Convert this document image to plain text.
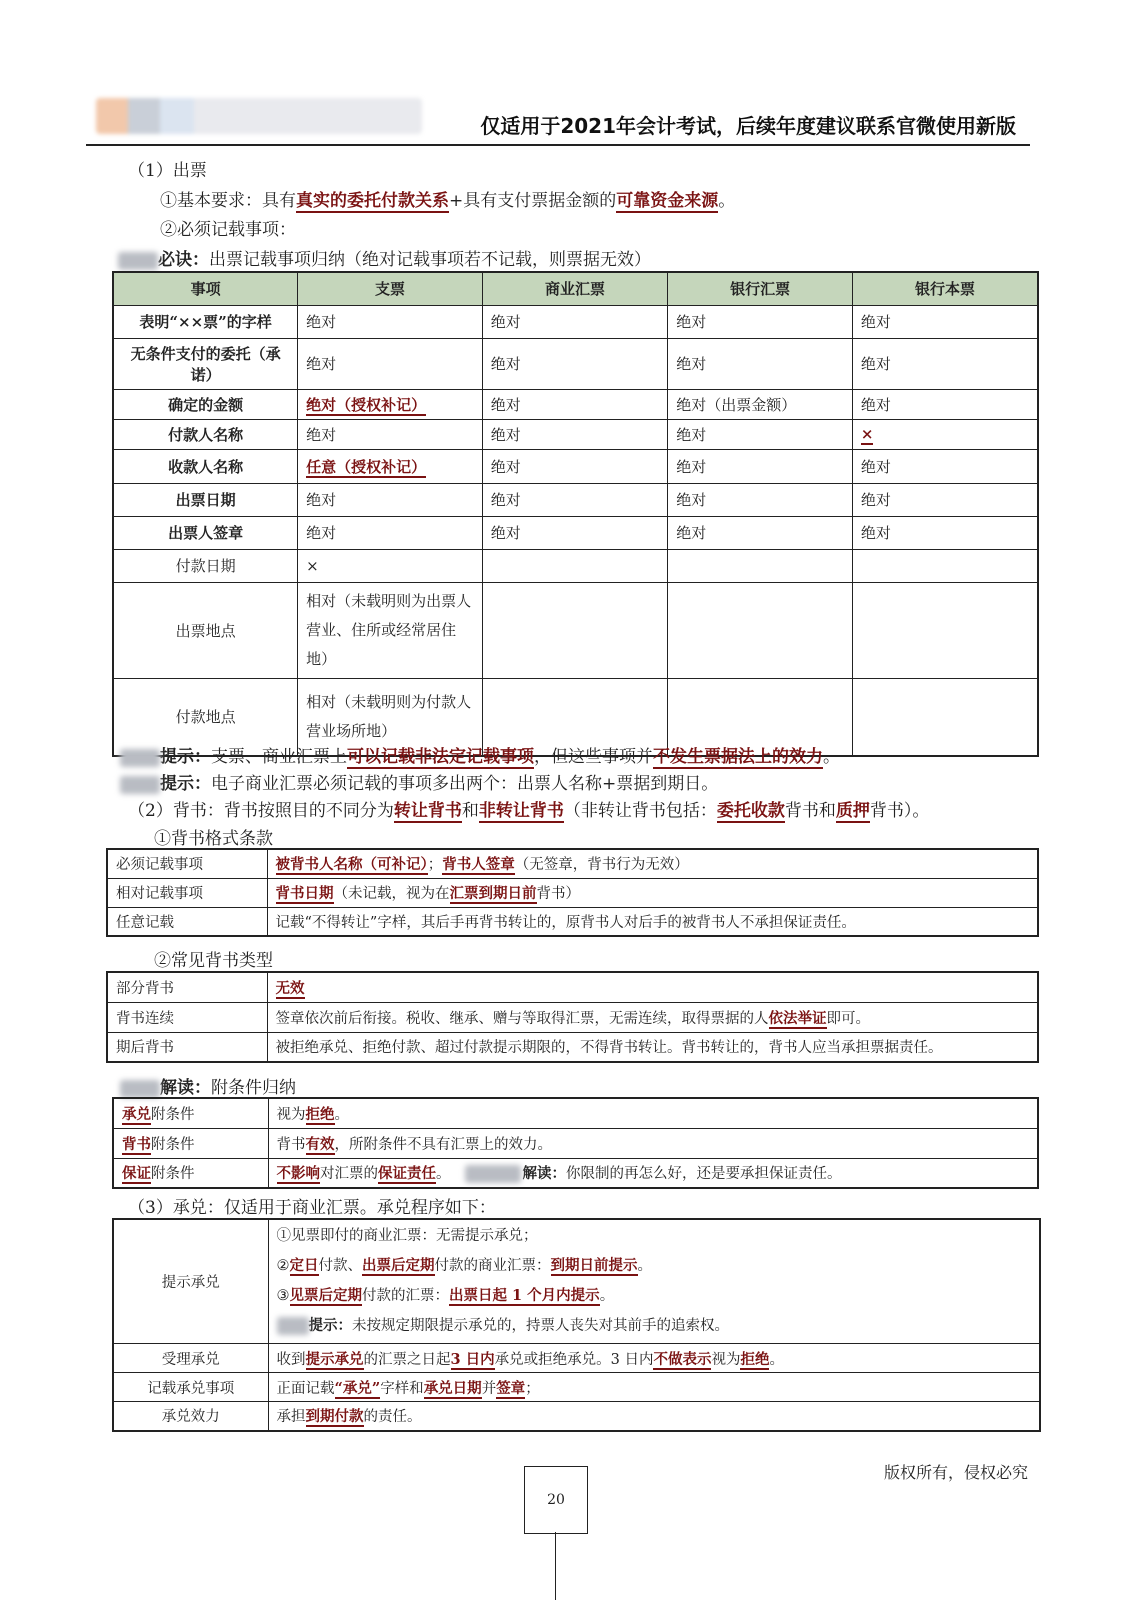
仅适用于2021年会计考试，后续年度建议联系官微使用新版
（1）出票
①基本要求：具有真实的委托付款关系+具有支付票据金额的可靠资金来源。
②必须记载事项：
必诀：出票记载事项归纳（绝对记载事项若不记载，则票据无效）
事项	支票	商业汇票	银行汇票	银行本票
表明“××票”的字样	绝对	绝对	绝对	绝对
无条件支付的委托（承诺）	绝对	绝对	绝对	绝对
确定的金额	绝对（授权补记）	绝对	绝对（出票金额）	绝对
付款人名称	绝对	绝对	绝对	×
收款人名称	任意（授权补记）	绝对	绝对	绝对
出票日期	绝对	绝对	绝对	绝对
出票人签章	绝对	绝对	绝对	绝对
付款日期	×			
出票地点	相对（未载明则为出票人营业、住所或经常居住地）			
付款地点	相对（未载明则为付款人营业场所地）			
提示：支票、商业汇票上可以记载非法定记载事项，但这些事项并不发生票据法上的效力。
提示：电子商业汇票必须记载的事项多出两个：出票人名称+票据到期日。
（2）背书：背书按照目的不同分为转让背书和非转让背书（非转让背书包括：委托收款背书和质押背书）。
①背书格式条款
必须记载事项	被背书人名称（可补记）；背书人签章（无签章，背书行为无效）
相对记载事项	背书日期（未记载，视为在汇票到期日前背书）
任意记载	记载“不得转让”字样，其后手再背书转让的，原背书人对后手的被背书人不承担保证责任。
②常见背书类型
部分背书	无效
背书连续	签章依次前后衔接。税收、继承、赠与等取得汇票，无需连续，取得票据的人依法举证即可。
期后背书	被拒绝承兑、拒绝付款、超过付款提示期限的，不得背书转让。背书转让的，背书人应当承担票据责任。
解读：附条件归纳
承兑附条件	视为拒绝。
背书附条件	背书有效，所附条件不具有汇票上的效力。
保证附条件	不影响对汇票的保证责任。 解读：你限制的再怎么好，还是要承担保证责任。
（3）承兑：仅适用于商业汇票。承兑程序如下：
提示承兑	①见票即付的商业汇票：无需提示承兑；
②定日付款、出票后定期付款的商业汇票：到期日前提示。
③见票后定期付款的汇票：出票日起 1 个月内提示。
提示：未按规定期限提示承兑的，持票人丧失对其前手的追索权。

受理承兑	收到提示承兑的汇票之日起3 日内承兑或拒绝承兑。3 日内不做表示视为拒绝。
记载承兑事项	正面记载“承兑”字样和承兑日期并签章；
承兑效力	承担到期付款的责任。
版权所有，侵权必究
20
